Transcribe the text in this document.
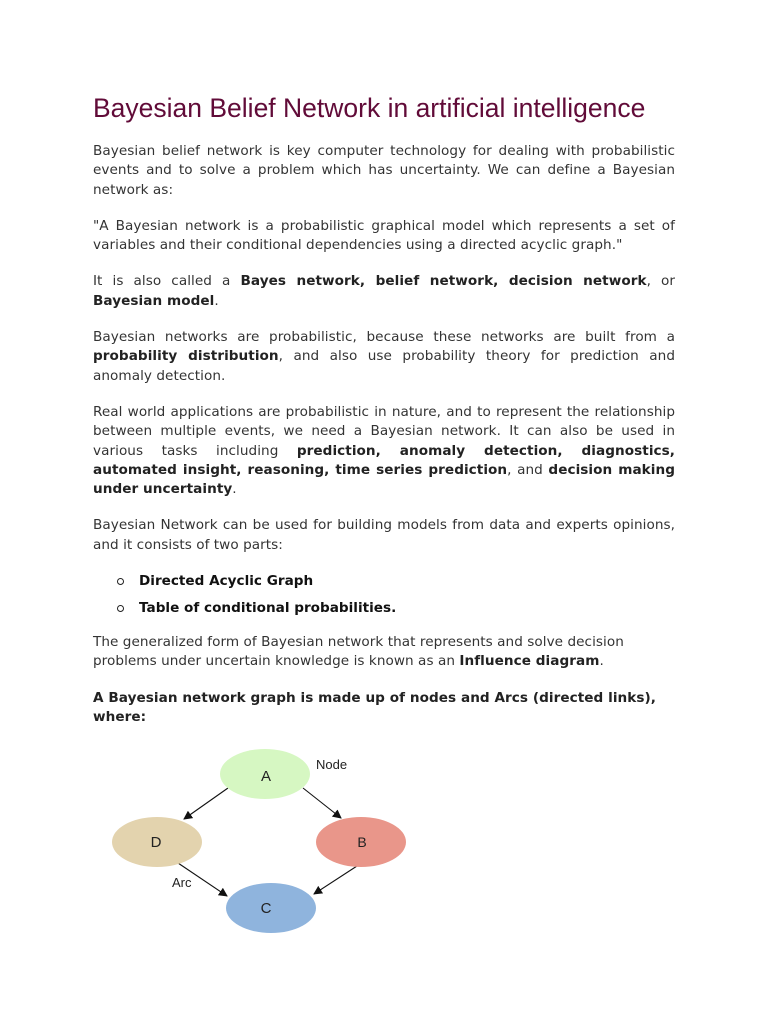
Bayesian Belief Network in artificial intelligence

Bayesian belief network is key computer technology for dealing with probabilistic events and to solve a problem which has uncertainty. We can define a Bayesian network as:

"A Bayesian network is a probabilistic graphical model which represents a set of variables and their conditional dependencies using a directed acyclic graph."

It is also called a Bayes network, belief network, decision network, or Bayesian model.

Bayesian networks are probabilistic, because these networks are built from a probability distribution, and also use probability theory for prediction and anomaly detection.

Real world applications are probabilistic in nature, and to represent the relationship between multiple events, we need a Bayesian network. It can also be used in various tasks including prediction, anomaly detection, diagnostics, automated insight, reasoning, time series prediction, and decision making under uncertainty.

Bayesian Network can be used for building models from data and experts opinions, and it consists of two parts:

Directed Acyclic Graph
Table of conditional probabilities.

The generalized form of Bayesian network that represents and solve decision problems under uncertain knowledge is known as an Influence diagram.

A Bayesian network graph is made up of nodes and Arcs (directed links), where:

A
B
C
D
Node
Arc
